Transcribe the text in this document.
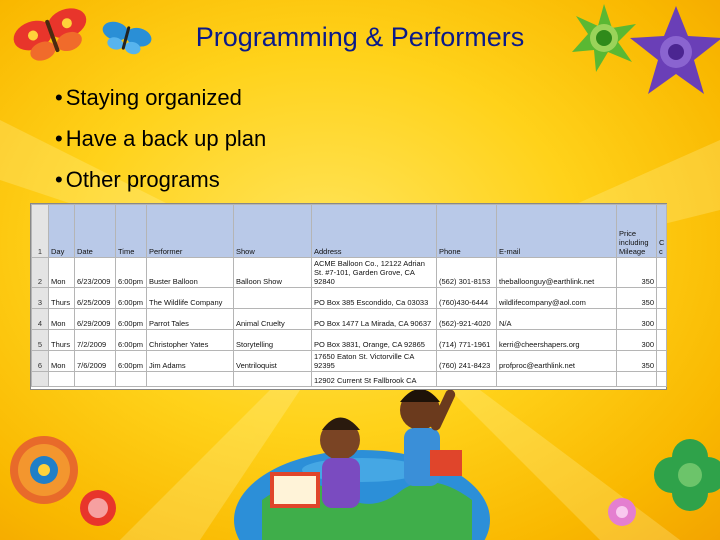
Programming & Performers
• Staying organized
• Have a back up plan
• Other programs
1	Day	Date	Time	Performer	Show	Address	Phone	E-mail	Price including Mileage	C c
2	Mon	6/23/2009	6:00pm	Buster Balloon	Balloon Show	ACME Balloon Co., 12122 Adrian St. #7-101, Garden Grove, CA 92840	(562) 301-8153	theballoonguy@earthlink.net	350	
3	Thurs	6/25/2009	6:00pm	The Wildlife Company		PO Box 385 Escondido, Ca 03033	(760)430-6444	wildlifecompany@aol.com	350	
4	Mon	6/29/2009	6:00pm	Parrot Tales	Animal Cruelty	PO Box 1477 La Mirada, CA 90637	(562)-921-4020	N/A	300	
5	Thurs	7/2/2009	6:00pm	Christopher Yates	Storytelling	PO Box 3831, Orange, CA 92865	(714) 771-1961	kerri@cheershapers.org	300	
6	Mon	7/6/2009	6:00pm	Jim Adams	Ventriloquist	17650 Eaton St. Victorville CA 92395	(760) 241-8423	profproc@earthlink.net	350	
						12902 Current St Fallbrook CA				
